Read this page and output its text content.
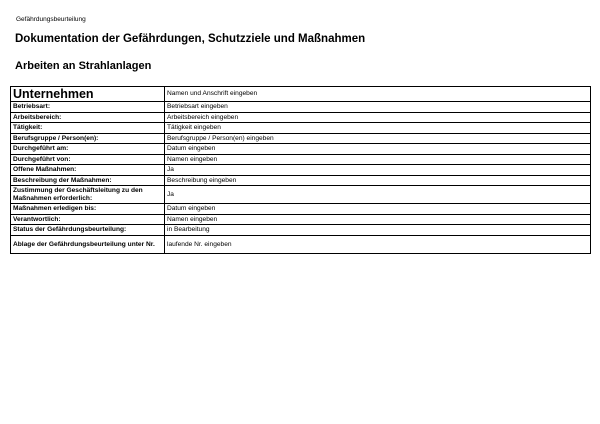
Gefährdungsbeurteilung
Dokumentation der Gefährdungen, Schutzziele und Maßnahmen
Arbeiten an Strahlanlagen
Unternehmen	Namen und Anschrift eingeben
Betriebsart:	Betriebsart eingeben
Arbeitsbereich:	Arbeitsbereich eingeben
Tätigkeit:	Tätigkeit eingeben
Berufsgruppe / Person(en):	Berufsgruppe / Person(en) eingeben
Durchgeführt am:	Datum eingeben
Durchgeführt von:	Namen eingeben
Offene Maßnahmen:	Ja
Beschreibung der Maßnahmen:	Beschreibung eingeben
Zustimmung der Geschäftsleitung zu den Maßnahmen erforderlich:	Ja
Maßnahmen erledigen bis:	Datum eingeben
Verantwortlich:	Namen eingeben
Status der Gefährdungsbeurteilung:	in Bearbeitung
Ablage der Gefährdungsbeurteilung unter Nr.	laufende Nr. eingeben
